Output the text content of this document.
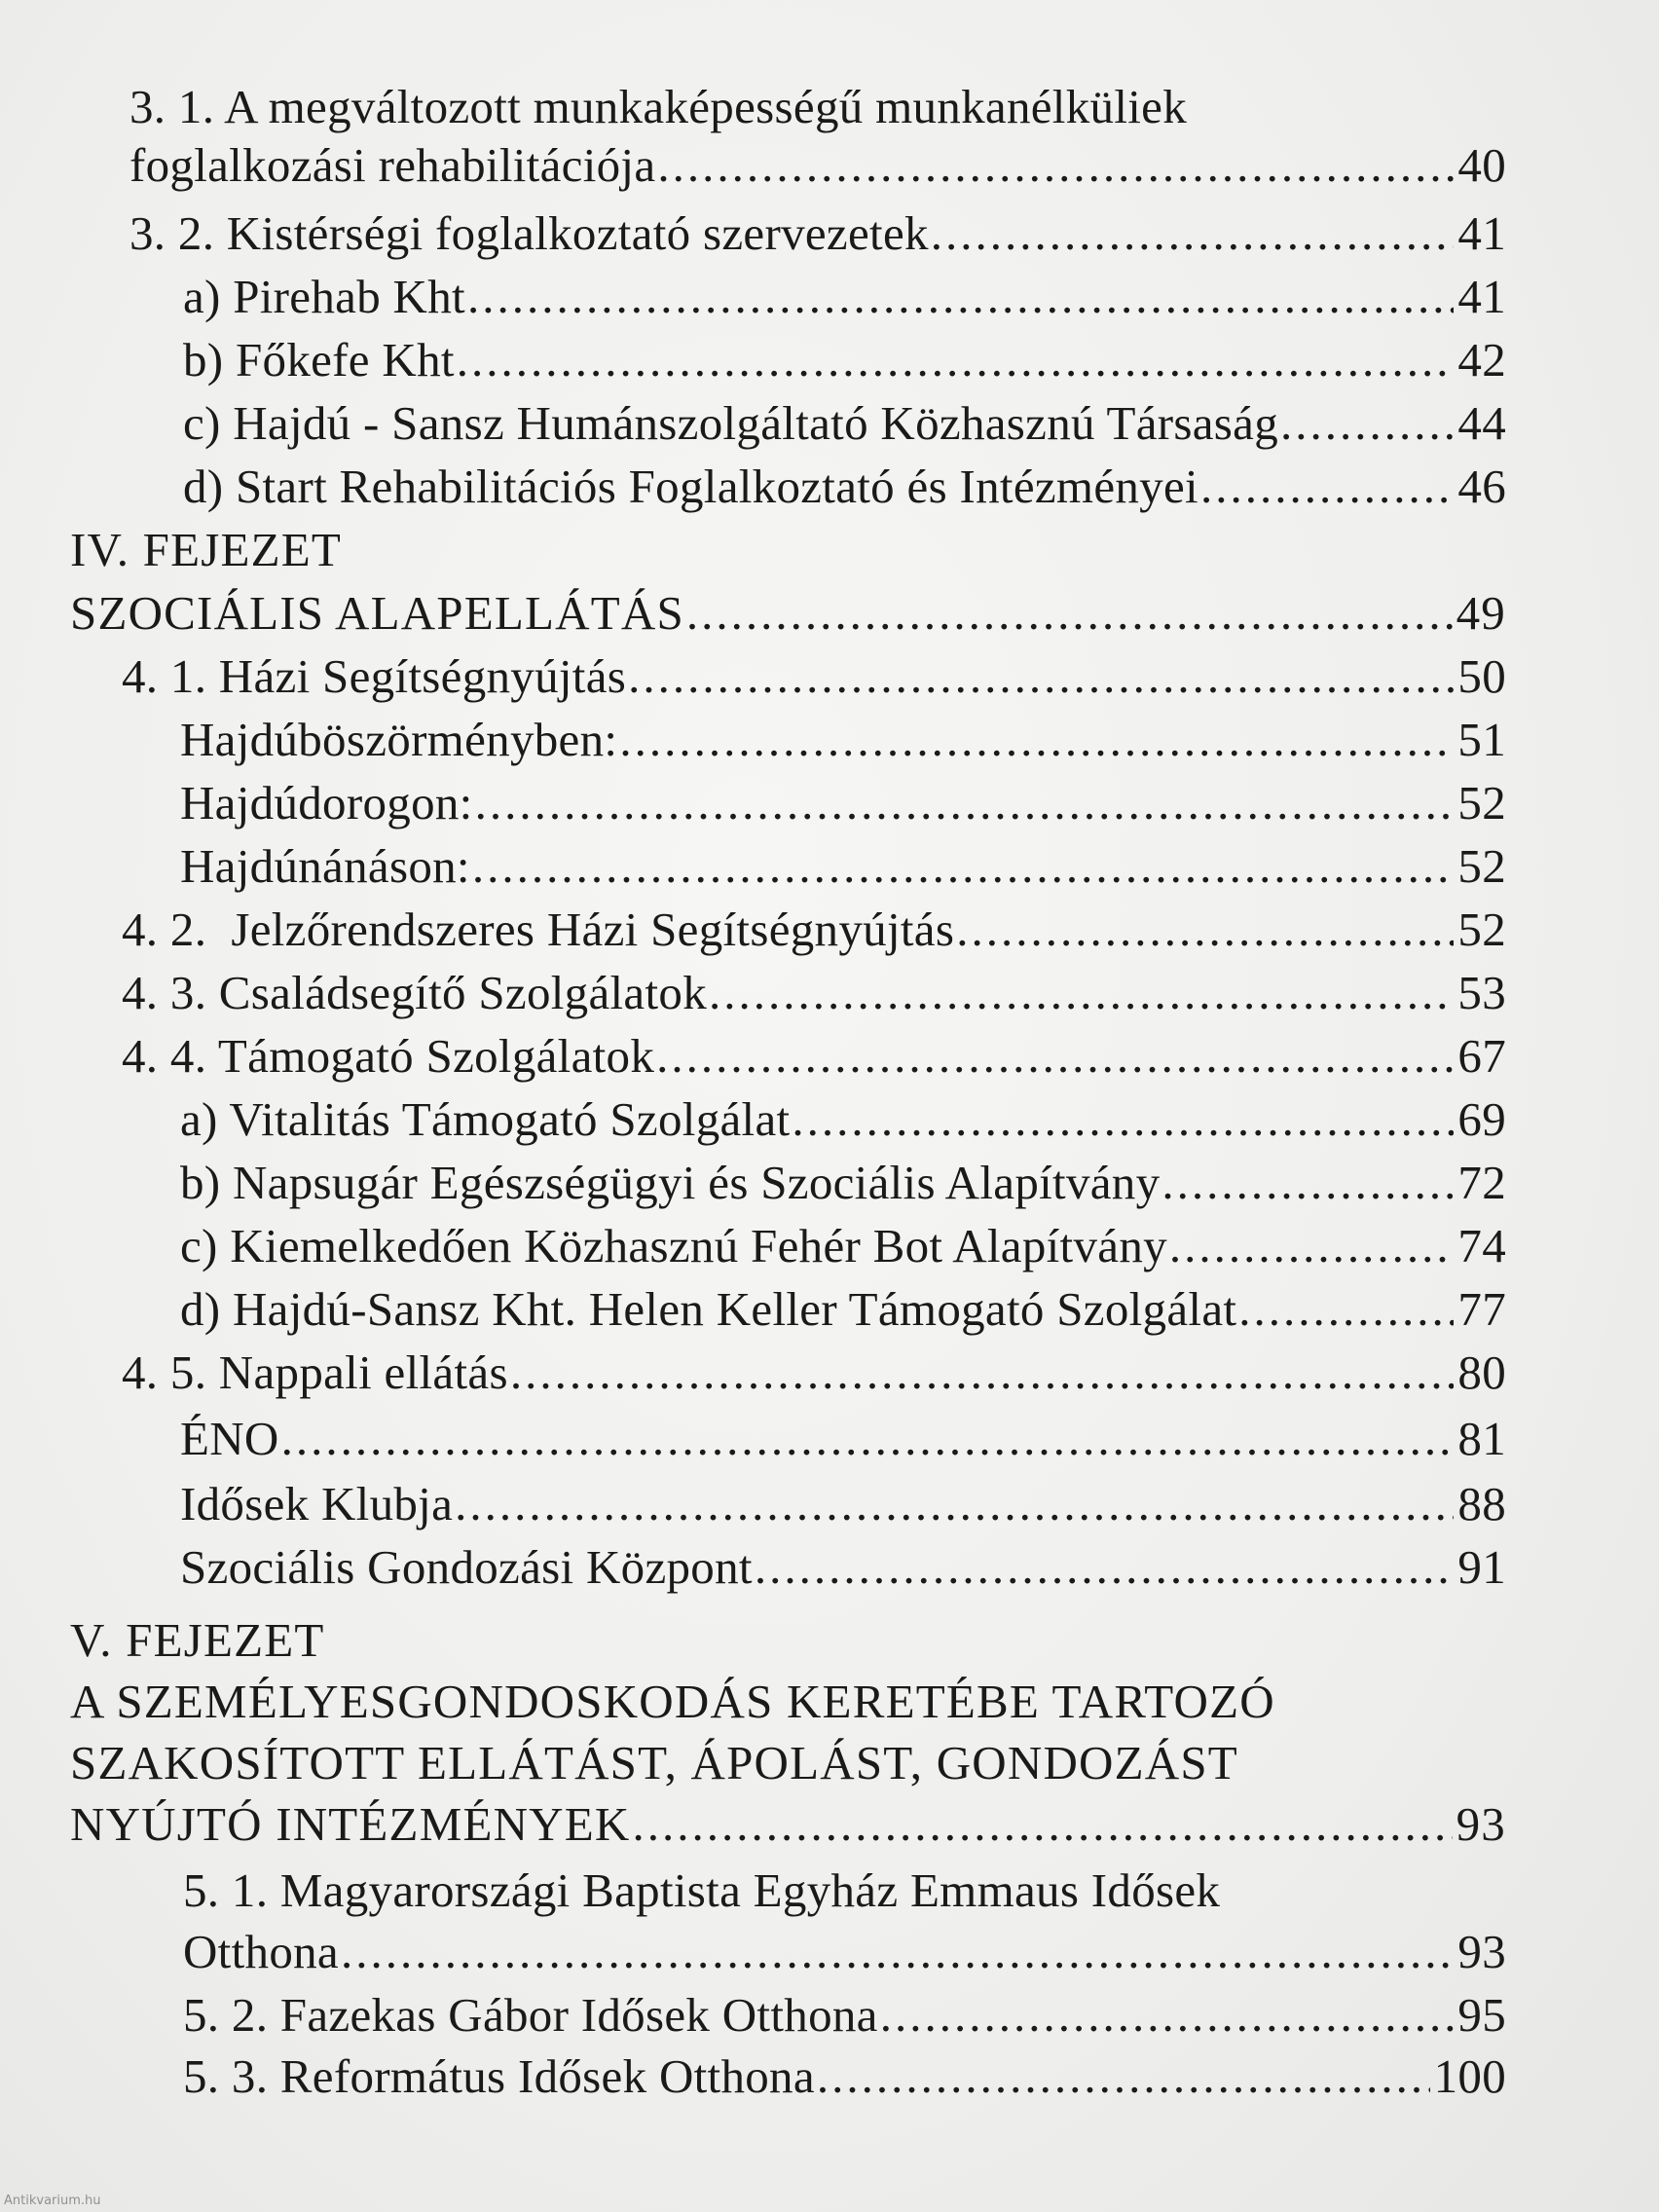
3. 1. A megváltozott munkaképességű munkanélküliek
foglalkozási rehabilitációja .....	40
3. 2. Kistérségi foglalkoztató szervezetek .....	41
a) Pirehab Kht .....	41
b) Főkefe Kht .....	42
c) Hajdú - Sansz Humánszolgáltató Közhasznú Társaság .....	44
d) Start Rehabilitációs Foglalkoztató és Intézményei .....	46
IV. FEJEZET
SZOCIÁLIS ALAPELLÁTÁS .....	49
4. 1. Házi Segítségnyújtás .....	50
Hajdúböszörményben: .....	51
Hajdúdorogon: .....	52
Hajdúnánáson: .....	52
4. 2.  Jelzőrendszeres Házi Segítségnyújtás .....	52
4. 3. Családsegítő Szolgálatok .....	53
4. 4. Támogató Szolgálatok .....	67
a) Vitalitás Támogató Szolgálat .....	69
b) Napsugár Egészségügyi és Szociális Alapítvány .....	72
c) Kiemelkedően Közhasznú Fehér Bot Alapítvány .....	74
d) Hajdú-Sansz Kht. Helen Keller Támogató Szolgálat .....	77
4. 5. Nappali ellátás .....	80
ÉNO .....	81
Idősek Klubja .....	88
Szociális Gondozási Központ .....	91
V. FEJEZET
A SZEMÉLYESGONDOSKODÁS KERETÉBE TARTOZÓ
SZAKOSÍTOTT ELLÁTÁST, ÁPOLÁST, GONDOZÁST
NYÚJTÓ INTÉZMÉNYEK .....	93
5. 1. Magyarországi Baptista Egyház Emmaus Idősek
Otthona .....	93
5. 2. Fazekas Gábor Idősek Otthona .....	95
5. 3. Református Idősek Otthona .....	100
Antikvarium.hu
